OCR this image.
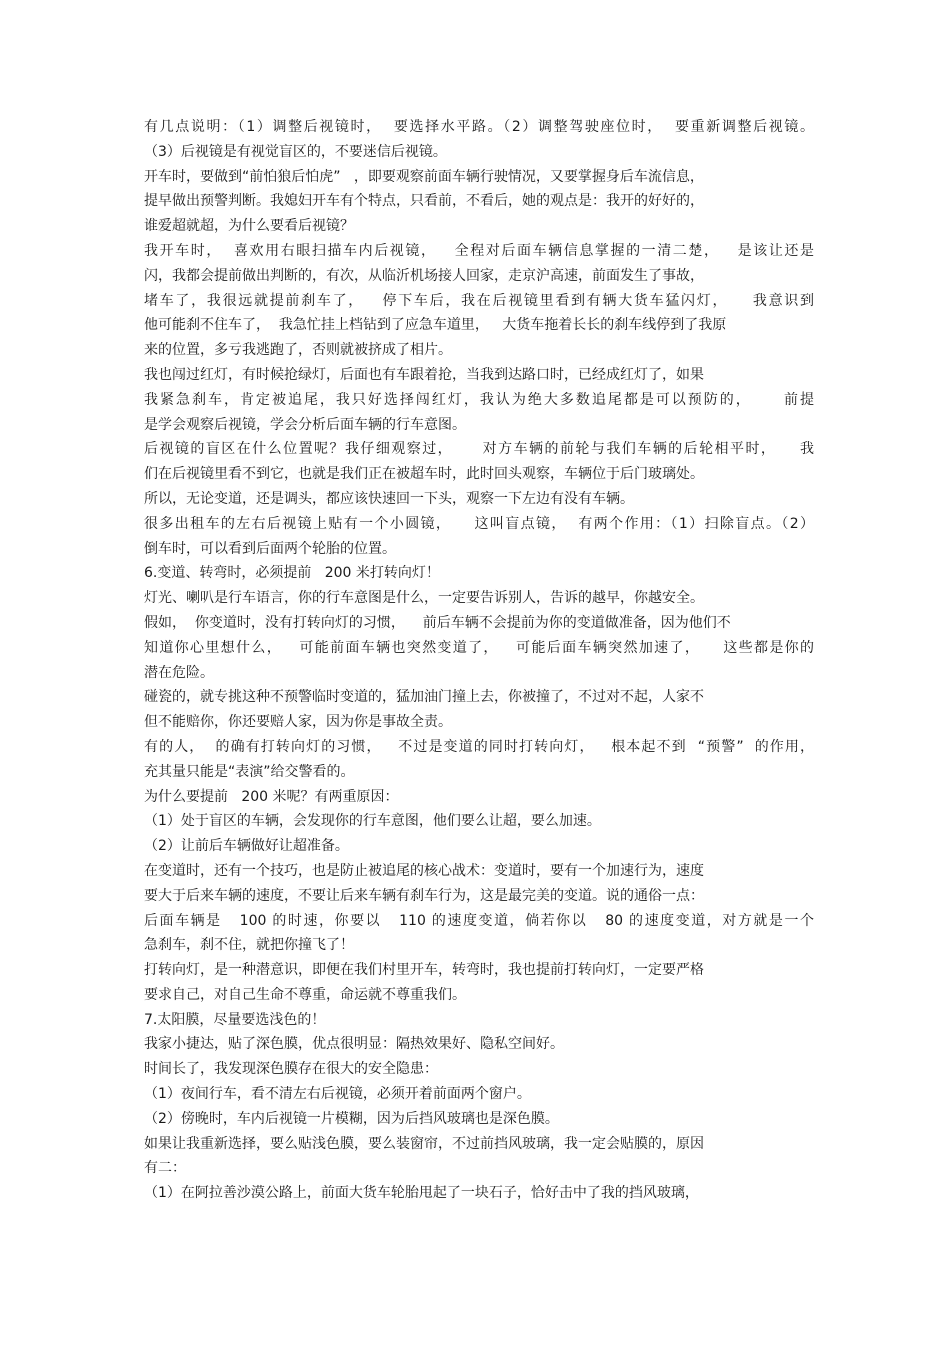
有几点说明：（1）调整后视镜时，  要选择水平路。（2）调整驾驶座位时，  要重新调整后视镜。
（3）后视镜是有视觉盲区的，不要迷信后视镜。
开车时，要做到“前怕狼后怕虎”   ，即要观察前面车辆行驶情况，又要掌握身后车流信息，
提早做出预警判断。我媳妇开车有个特点，只看前，不看后，她的观点是：我开的好好的，
谁爱超就超，为什么要看后视镜？
我开车时，  喜欢用右眼扫描车内后视镜，   全程对后面车辆信息掌握的一清二楚，   是该让还是
闪，我都会提前做出判断的，有次，从临沂机场接人回家，走京沪高速，前面发生了事故，
堵车了，我很远就提前刹车了，   停下车后，我在后视镜里看到有辆大货车猛闪灯，    我意识到
他可能刹不住车了，  我急忙挂上档钻到了应急车道里，   大货车拖着长长的刹车线停到了我原
来的位置，多亏我逃跑了，否则就被挤成了相片。
我也闯过红灯，有时候抢绿灯，后面也有车跟着抢，当我到达路口时，已经成红灯了，如果
我紧急刹车，肯定被追尾，我只好选择闯红灯，我认为绝大多数追尾都是可以预防的，     前提
是学会观察后视镜，学会分析后面车辆的行车意图。
后视镜的盲区在什么位置呢？我仔细观察过，     对方车辆的前轮与我们车辆的后轮相平时，    我
们在后视镜里看不到它，也就是我们正在被超车时，此时回头观察，车辆位于后门玻璃处。
所以，无论变道，还是调头，都应该快速回一下头，观察一下左边有没有车辆。
很多出租车的左右后视镜上贴有一个小圆镜，    这叫盲点镜，  有两个作用：（1）扫除盲点。（2）
倒车时，可以看到后面两个轮胎的位置。
6.变道、转弯时，必须提前   200 米打转向灯！
灯光、喇叭是行车语言，你的行车意图是什么，一定要告诉别人，告诉的越早，你越安全。
假如，  你变道时，没有打转向灯的习惯，    前后车辆不会提前为你的变道做准备，因为他们不
知道你心里想什么，   可能前面车辆也突然变道了，   可能后面车辆突然加速了，    这些都是你的
潜在危险。
碰瓷的，就专挑这种不预警临时变道的，猛加油门撞上去，你被撞了，不过对不起，人家不
但不能赔你，你还要赔人家，因为你是事故全责。
有的人，  的确有打转向灯的习惯，   不过是变道的同时打转向灯，   根本起不到  “预警”  的作用，
充其量只能是“表演”给交警看的。
为什么要提前   200 米呢？有两重原因：
（1）处于盲区的车辆，会发现你的行车意图，他们要么让超，要么加速。
（2）让前后车辆做好让超准备。
在变道时，还有一个技巧，也是防止被追尾的核心战术：变道时，要有一个加速行为，速度
要大于后来车辆的速度，不要让后来车辆有刹车行为，这是最完美的变道。说的通俗一点：
后面车辆是   100 的时速，你要以   110 的速度变道，倘若你以   80 的速度变道，对方就是一个
急刹车，刹不住，就把你撞飞了！
打转向灯，是一种潜意识，即便在我们村里开车，转弯时，我也提前打转向灯，一定要严格
要求自己，对自己生命不尊重，命运就不尊重我们。
7.太阳膜，尽量要选浅色的！
我家小捷达，贴了深色膜，优点很明显：隔热效果好、隐私空间好。
时间长了，我发现深色膜存在很大的安全隐患：
（1）夜间行车，看不清左右后视镜，必须开着前面两个窗户。
（2）傍晚时，车内后视镜一片模糊，因为后挡风玻璃也是深色膜。
如果让我重新选择，要么贴浅色膜，要么装窗帘，不过前挡风玻璃，我一定会贴膜的，原因
有二：
（1）在阿拉善沙漠公路上，前面大货车轮胎甩起了一块石子，恰好击中了我的挡风玻璃，
